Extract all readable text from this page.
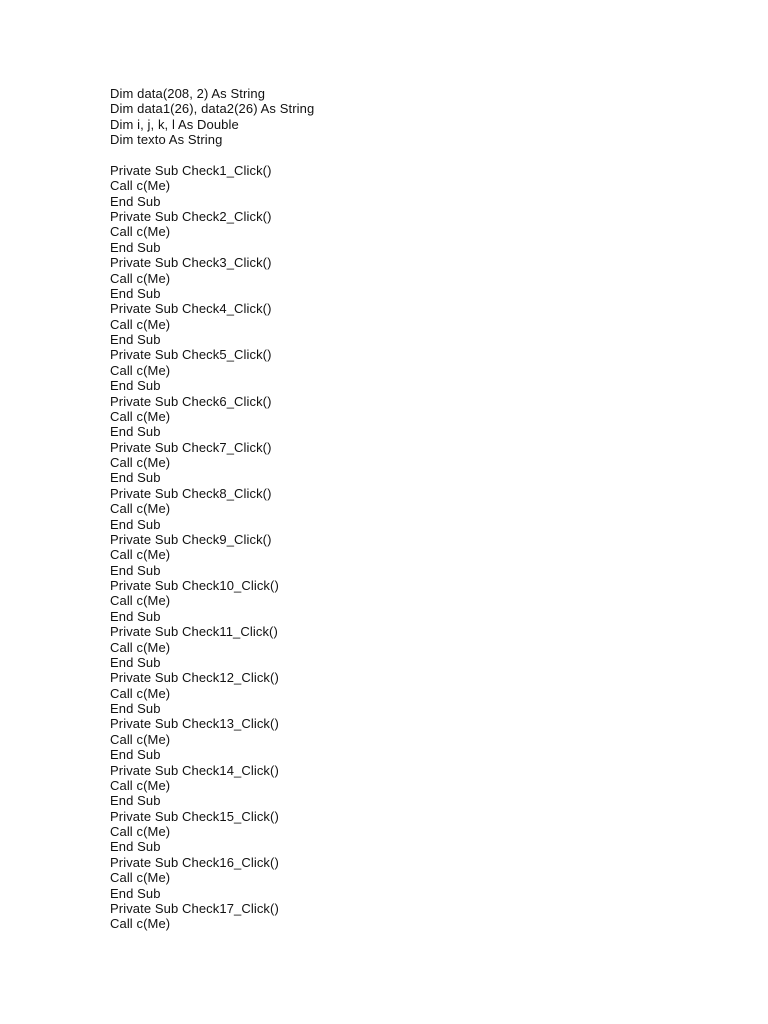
Dim data(208, 2) As String
Dim data1(26), data2(26) As String
Dim i, j, k, l As Double
Dim texto As String
Private Sub Check1_Click()
Call c(Me)
End Sub
Private Sub Check2_Click()
Call c(Me)
End Sub
Private Sub Check3_Click()
Call c(Me)
End Sub
Private Sub Check4_Click()
Call c(Me)
End Sub
Private Sub Check5_Click()
Call c(Me)
End Sub
Private Sub Check6_Click()
Call c(Me)
End Sub
Private Sub Check7_Click()
Call c(Me)
End Sub
Private Sub Check8_Click()
Call c(Me)
End Sub
Private Sub Check9_Click()
Call c(Me)
End Sub
Private Sub Check10_Click()
Call c(Me)
End Sub
Private Sub Check11_Click()
Call c(Me)
End Sub
Private Sub Check12_Click()
Call c(Me)
End Sub
Private Sub Check13_Click()
Call c(Me)
End Sub
Private Sub Check14_Click()
Call c(Me)
End Sub
Private Sub Check15_Click()
Call c(Me)
End Sub
Private Sub Check16_Click()
Call c(Me)
End Sub
Private Sub Check17_Click()
Call c(Me)
